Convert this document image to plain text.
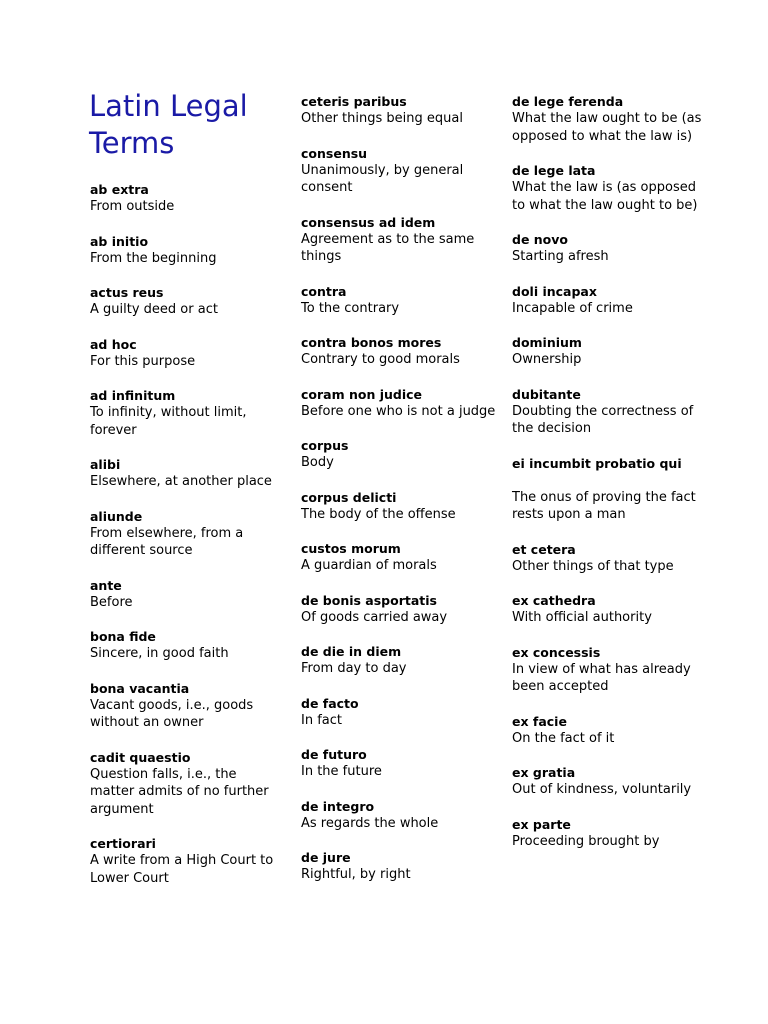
Latin Legal Terms
ab extra
From outside
ab initio
From the beginning
actus reus
A guilty deed or act
ad hoc
For this purpose
ad infinitum
To infinity, without limit, forever
alibi
Elsewhere, at another place
aliunde
From elsewhere, from a different source
ante
Before
bona fide
Sincere, in good faith
bona vacantia
Vacant goods, i.e., goods without an owner
cadit quaestio
Question falls, i.e., the matter admits of no further argument
certiorari
A write from a High Court to Lower Court
ceteris paribus
Other things being equal
consensu
Unanimously, by general consent
consensus ad idem
Agreement as to the same things
contra
To the contrary
contra bonos mores
Contrary to good morals
coram non judice
Before one who is not a judge
corpus
Body
corpus delicti
The body of the offense
custos morum
A guardian of morals
de bonis asportatis
Of goods carried away
de die in diem
From day to day
de facto
In fact
de futuro
In the future
de integro
As regards the whole
de jure
Rightful, by right
de lege ferenda
What the law ought to be (as opposed to what the law is)
de lege lata
What the law is (as opposed to what the law ought to be)
de novo
Starting afresh
doli incapax
Incapable of crime
dominium
Ownership
dubitante
Doubting the correctness of the decision
ei incumbit probatio qui
The onus of proving the fact rests upon a man
et cetera
Other things of that type
ex cathedra
With official authority
ex concessis
In view of what has already been accepted
ex facie
On the fact of it
ex gratia
Out of kindness, voluntarily
ex parte
Proceeding brought by
